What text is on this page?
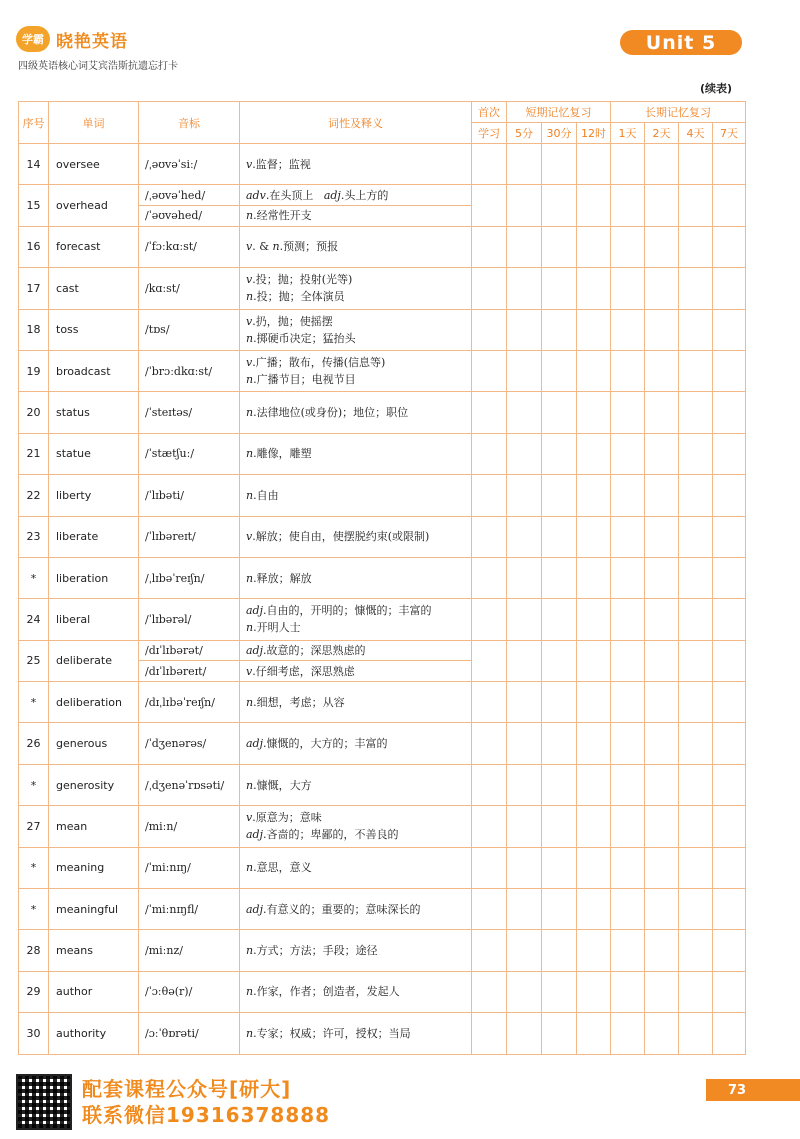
学霸 晓艳英语
四级英语核心词艾宾浩斯抗遗忘打卡
Unit 5
(续表)
序号	单词	音标	词性及释义	首次	短期记忆复习			长期记忆复习			
				学习	5分	30分	12时	1天	2天	4天	7天
14	oversee	/ˌəʊvəˈsiː/	v.监督；监视								
15	overhead	/ˌəʊvəˈhed/	adv.在头顶上   adj.头上方的								
		/ˈəʊvəhed/	n.经常性开支								
16	forecast	/ˈfɔːkɑːst/	v. & n.预测；预报								
17	cast	/kɑːst/	v.投；抛；投射(光等)
n.投；抛；全体演员								
18	toss	/tɒs/	v.扔，抛；使摇摆
n.掷硬币决定；猛抬头								
19	broadcast	/ˈbrɔːdkɑːst/	v.广播；散布，传播(信息等)
n.广播节目；电视节目								
20	status	/ˈsteɪtəs/	n.法律地位(或身份)；地位；职位								
21	statue	/ˈstætʃuː/	n.雕像，雕塑								
22	liberty	/ˈlɪbəti/	n.自由								
23	liberate	/ˈlɪbəreɪt/	v.解放；使自由，使摆脱约束(或限制)								
*	liberation	/ˌlɪbəˈreɪʃn/	n.释放；解放								
24	liberal	/ˈlɪbərəl/	adj.自由的，开明的；慷慨的；丰富的
n.开明人士								
25	deliberate	/dɪˈlɪbərət/	adj.故意的；深思熟虑的								
		/dɪˈlɪbəreɪt/	v.仔细考虑，深思熟虑								
*	deliberation	/dɪˌlɪbəˈreɪʃn/	n.细想，考虑；从容								
26	generous	/ˈdʒenərəs/	adj.慷慨的，大方的；丰富的								
*	generosity	/ˌdʒenəˈrɒsəti/	n.慷慨，大方								
27	mean	/miːn/	v.原意为；意味
adj.吝啬的；卑鄙的，不善良的								
*	meaning	/ˈmiːnɪŋ/	n.意思，意义								
*	meaningful	/ˈmiːnɪŋfl/	adj.有意义的；重要的；意味深长的								
28	means	/miːnz/	n.方式；方法；手段；途径								
29	author	/ˈɔːθə(r)/	n.作家，作者；创造者，发起人								
30	authority	/ɔːˈθɒrəti/	n.专家；权威；许可，授权；当局								
配套课程公众号[研大]
联系微信19316378888
73
